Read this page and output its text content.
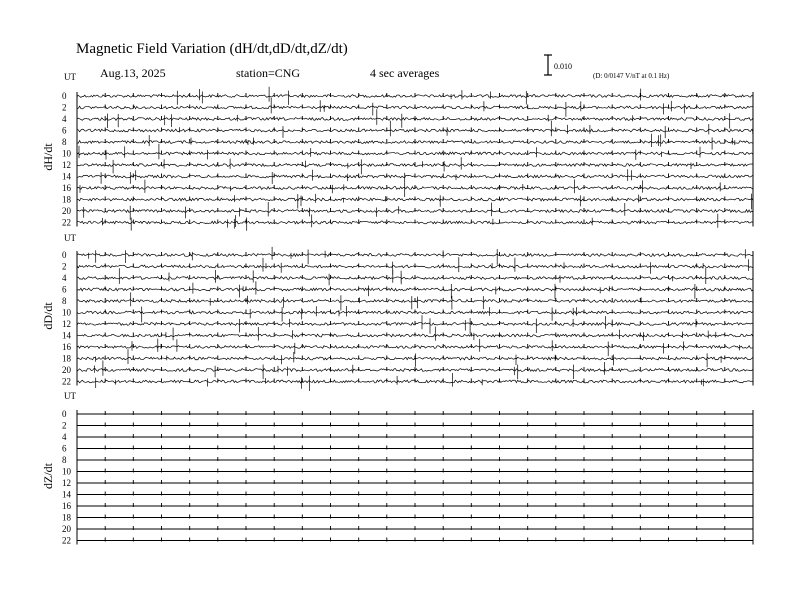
Magnetic Field Variation (dH/dt,dD/dt,dZ/dt)
Aug.13, 2025	station=CNG	4 sec averages	0.010
(D: 0/0147 V/nT at 0.1 Hz)
UT
dH/dt
0
2
4
6
8
10
12
14
16
18
20
22
UT
dD/dt
0
2
4
6
8
10
12
14
16
18
20
22
UT
dZ/dt
0
2
4
6
8
10
12
14
16
18
20
22
